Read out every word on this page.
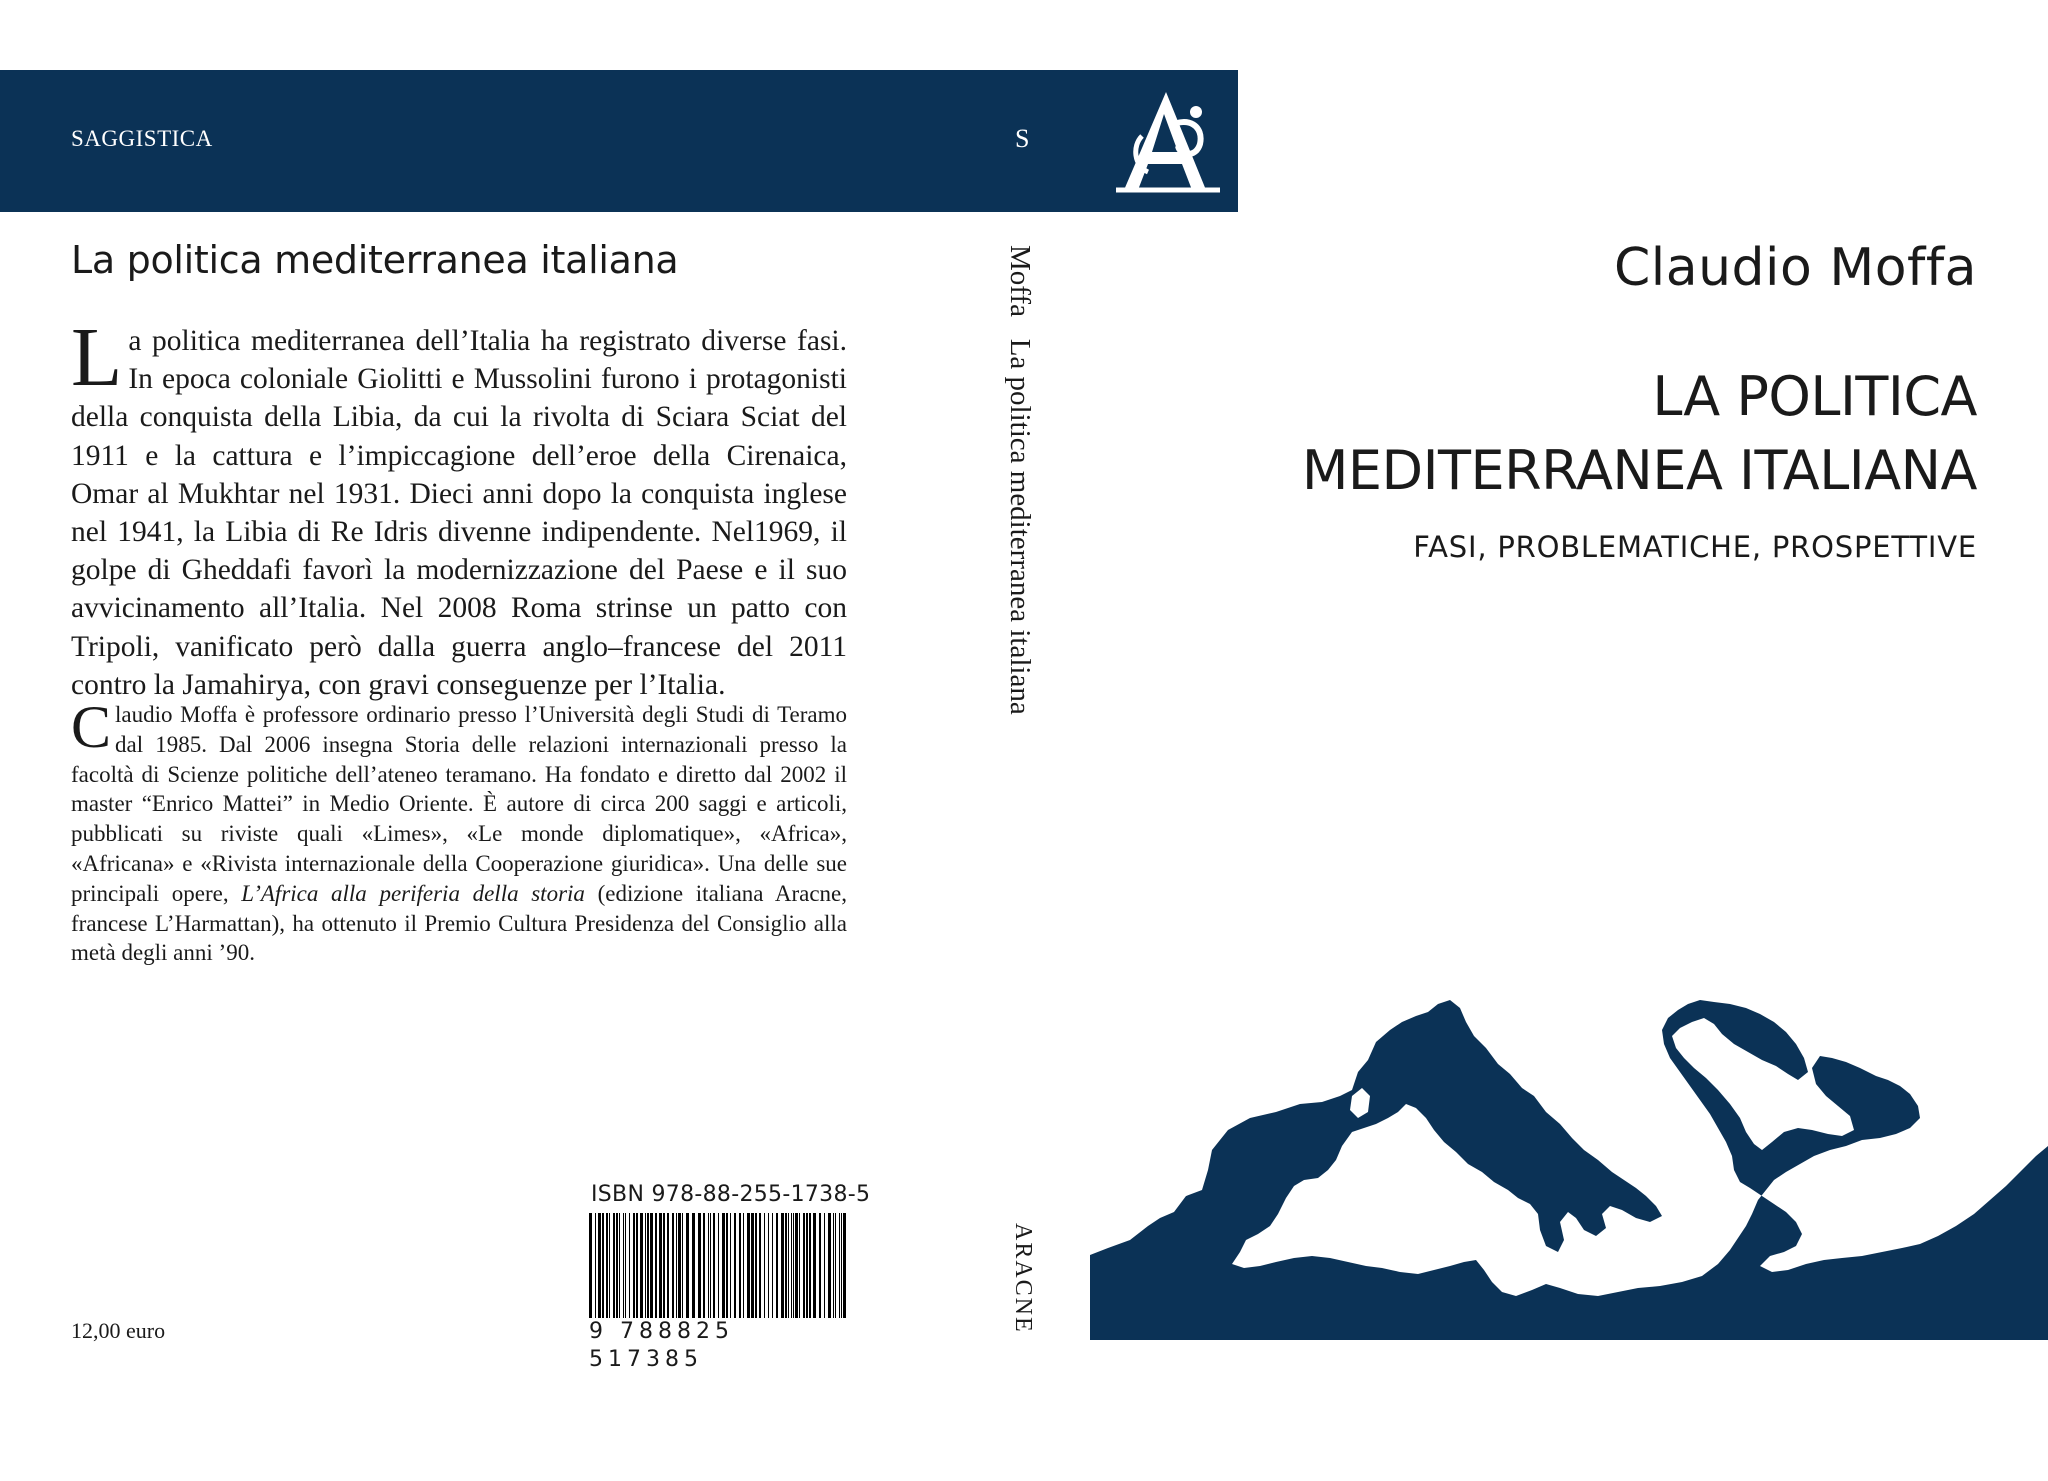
SAGGISTICA	S
La politica mediterranea italiana
La politica mediterranea dell’Italia ha registrato diverse fasi. In epoca coloniale Giolitti e Mussolini furono i protagonisti della conquista della Libia, da cui la rivolta di Sciara Sciat del 1911 e la cattura e l’impiccagione dell’eroe della Cirenaica, Omar al Mukhtar nel 1931. Dieci anni dopo la conquista inglese nel 1941, la Libia di Re Idris divenne indipendente. Nel1969, il golpe di Gheddafi favorì la modernizzazione del Paese e il suo avvicinamento all’Italia. Nel 2008 Roma strinse un patto con Tripoli, vanificato però dalla guerra anglo–francese del 2011 contro la Jamahirya, con gravi conseguenze per l’Italia.
Claudio Moffa è professore ordinario presso l’Università degli Studi di Teramo dal 1985. Dal 2006 insegna Storia delle relazioni internazionali presso la facoltà di Scienze politiche dell’ateneo teramano. Ha fondato e diretto dal 2002 il master “Enrico Mattei” in Medio Oriente. È autore di circa 200 saggi e articoli, pubblicati su riviste quali «Limes», «Le monde diplomatique», «Africa», «Africana» e «Rivista internazionale della Cooperazione giuridica». Una delle sue principali opere, L’Africa alla periferia della storia (edizione italiana Aracne, francese L’Harmattan), ha ottenuto il Premio Cultura Presidenza del Consiglio alla metà degli anni ’90.
ISBN 978-88-255-1738-5
9 788825 517385
12,00 euro
Moffa   La politica mediterranea italiana
ARACNE
Claudio Moffa
LA POLITICA
MEDITERRANEA ITALIANA
FASI, PROBLEMATICHE, PROSPETTIVE
